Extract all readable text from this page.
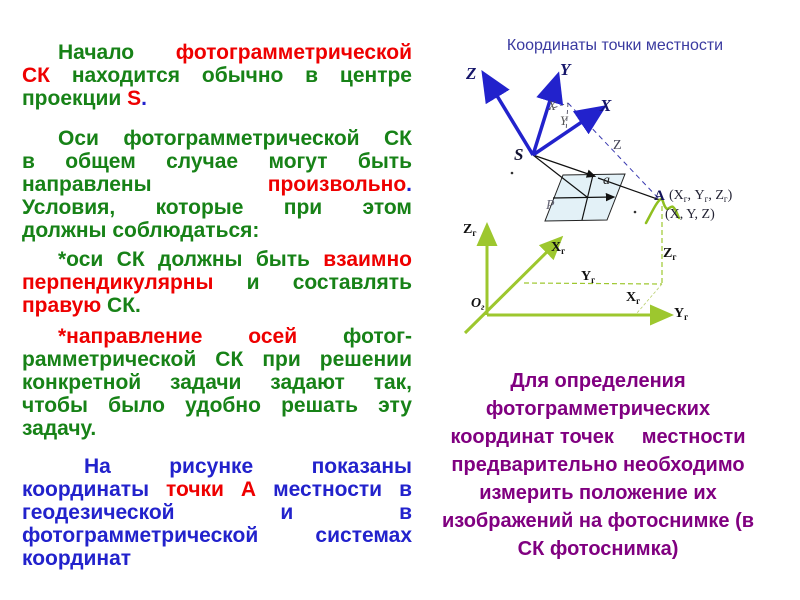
Начало фотограмметрической
СК находится обычно в центре
проекции S.
Оси фотограмметрической СК
в общем случае могут быть
направлены	произвольно.
Условия, которые при этом
должны соблюдаться:
*оси СК должны быть взаимно
перпендикулярны и составлять
правую СК.
*направление осей фотог-
рамметрической СК при решении
конкретной задачи задают так,
чтобы было удобно решать эту
задачу.
На	рисунке	показаны
координаты точки А местности в
геодезической	и	в
фотограмметрической	системах
координат
Координаты точки местности
Z	Y
X
S
X
Y
Z
P
a
A ($X_г$, $Y_г$, $Z_г$)
(X, Y, Z)
$Z_г$
$X_г$
$Y_г$
$O_г$
$Y_г$
$X_г$
$Z_г$
Для определения
фотограмметрических
координат точек     местности
предварительно необходимо
измерить положение их
изображений на фотоснимке (в
СК фотоснимка)
